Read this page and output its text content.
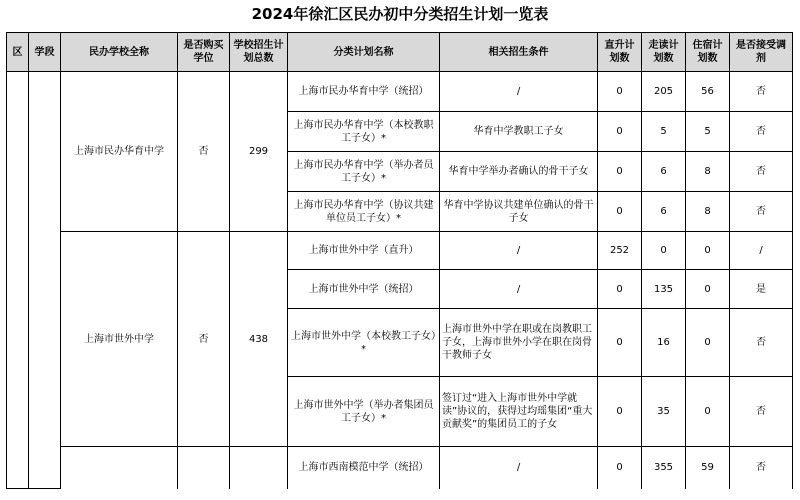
2024年徐汇区民办初中分类招生计划一览表
区	学段	民办学校全称	是否购买学位	学校招生计划总数	分类计划名称	相关招生条件	直升计划数	走读计划数	住宿计划数	是否接受调剂
		上海市民办华育中学	否	299	上海市民办华育中学（统招）	/	0	205	56	否
					上海市民办华育中学（本校教职工子女）*	华育中学教职工子女	0	5	5	否
					上海市民办华育中学（举办者员工子女）*	华育中学举办者确认的骨干子女	0	6	8	否
					上海市民办华育中学（协议共建单位员工子女）*	华育中学协议共建单位确认的骨干子女	0	6	8	否
		上海市世外中学	否	438	上海市世外中学（直升）	/	252	0	0	/
					上海市世外中学（统招）	/	0	135	0	是
					上海市世外中学（本校教工子女）*	上海市世外中学在职或在岗教职工子女，上海市世外小学在职在岗骨干教师子女	0	16	0	否
					上海市世外中学（举办者集团员工子女）*	签订过“进入上海市世外中学就读”协议的，获得过均瑶集团“重大贡献奖”的集团员工的子女	0	35	0	否
					上海市西南模范中学（统招）	/	0	355	59	否
